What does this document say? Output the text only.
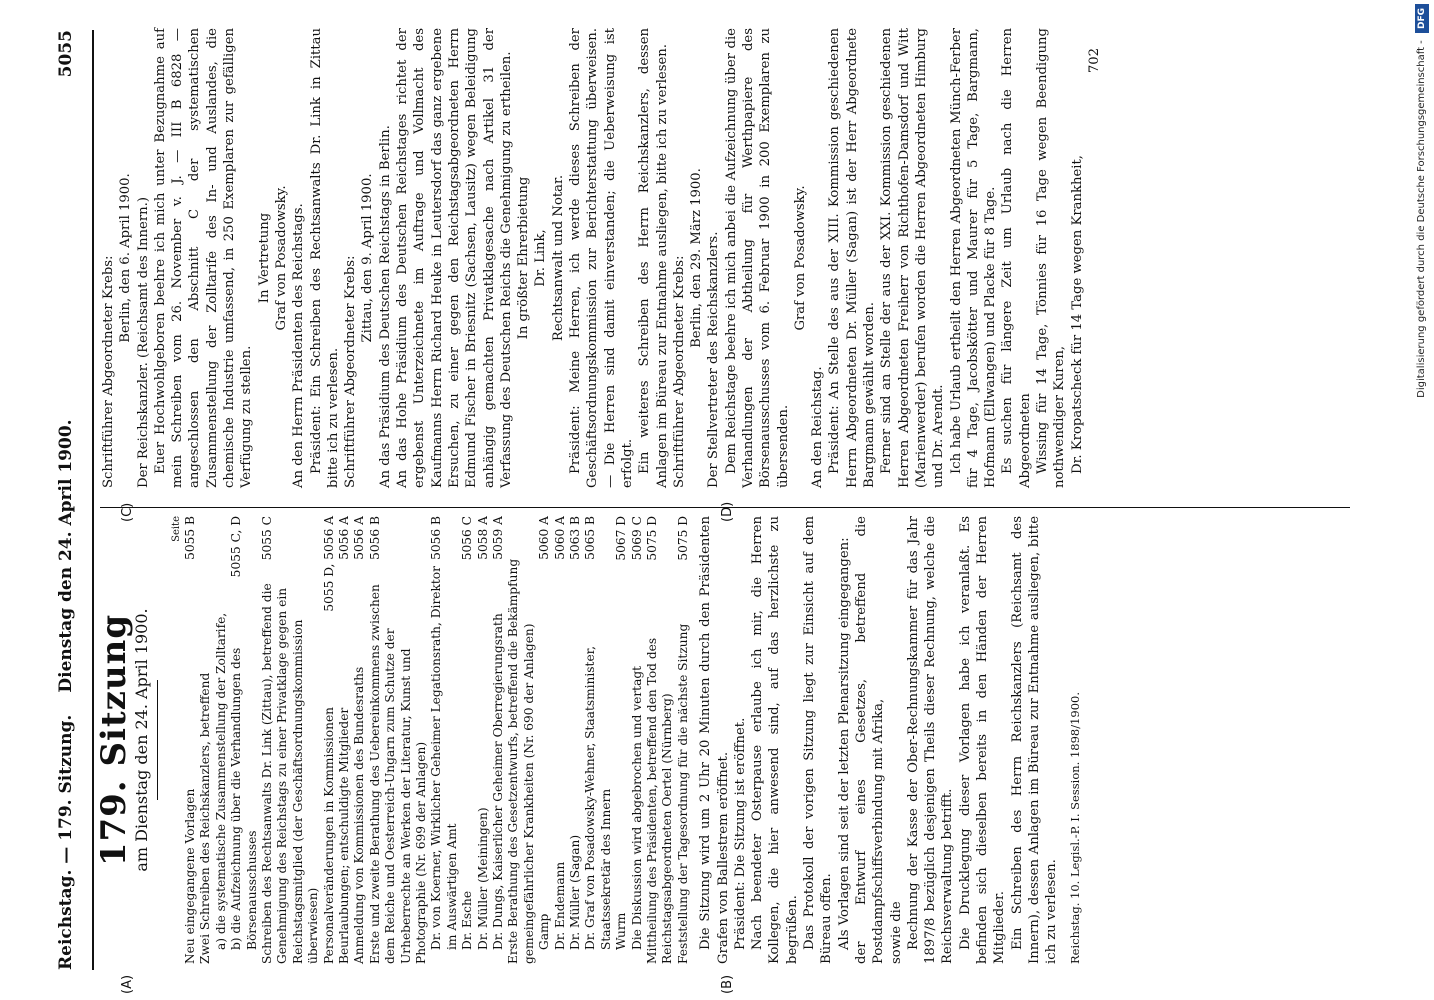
Reichstag. — 179. Sitzung.
Dienstag den 24. April 1900.
5055
(A)	(B)
(C)	(D)
179. Sitzung
am Dienstag den 24. April 1900.
Seite
Neu eingegangene Vorlagen
5055 B
Zwei Schreiben des Reichskanzlers, betreffend a) die systematische Zusammenstellung der Zolltarife, b) die Aufzeichnung über die Verhandlungen des Börsenausschusses
5055 C, D
Schreiben des Rechtsanwalts Dr. Link (Zittau), betreffend die Genehmigung des Reichstags zu einer Privatklage gegen ein Reichstagsmitglied (der Geschäftsordnungskommission überwiesen)
5055 C
Personalveränderungen in Kommissionen
5055 D, 5056 A
Beurlaubungen; entschuldigte Mitglieder
5056 A
Anmeldung von Kommissionen des Bundesraths
5056 A
Erste und zweite Berathung des Uebereinkommens zwischen dem Reiche und Oesterreich-Ungarn zum Schutze der Urheberrechte an Werken der Literatur, Kunst und Photographie (Nr. 699 der Anlagen)
5056 B
Dr. von Koerner, Wirklicher Geheimer Legationsrath, Direktor im Auswärtigen Amt
5056 B
Dr. Esche
5056 C
Dr. Müller (Meiningen)
5058 A
Dr. Dungs, Kaiserlicher Geheimer Oberregierungsrath
5059 A
Erste Berathung des Gesetzentwurfs, betreffend die Bekämpfung gemeingefährlicher Krankheiten (Nr. 690 der Anlagen) Gamp
5060 A
Dr. Endemann
5060 A
Dr. Müller (Sagan)
5063 B
Dr. Graf von Posadowsky-Wehner, Staatsminister, Staatssekretär des Innern
5065 B
Wurm
5067 D
Die Diskussion wird abgebrochen und vertagt
5069 C
Mittheilung des Präsidenten, betreffend den Tod des Reichstagsabgeordneten Oertel (Nürnberg)
5075 D
Feststellung der Tagesordnung für die nächste Sitzung
5075 D Die Sitzung wird um 2 Uhr 20 Minuten durch den Präsidenten Grafen von Ballestrem eröffnet. Präsident: Die Sitzung ist eröffnet. Nach beendeter Osterpause erlaube ich mir, die Herren Kollegen, die hier anwesend sind, auf das herzlichste zu begrüßen. Das Protokoll der vorigen Sitzung liegt zur Einsicht auf dem Büreau offen. Als Vorlagen sind seit der letzten Plenarsitzung eingegangen: der Entwurf eines Gesetzes, betreffend die Postdampfschiffsverbindung mit Afrika, sowie die Rechnung der Kasse der Ober-Rechnungskammer für das Jahr 1897/8 bezüglich desjenigen Theils dieser Rechnung, welche die Reichsverwaltung betrifft. Die Drucklegung dieser Vorlagen habe ich veranlaßt. Es befinden sich dieselben bereits in den Händen der Herren Mitglieder. Ein Schreiben des Herrn Reichskanzlers (Reichsamt des Innern), dessen Anlagen im Büreau zur Entnahme ausliegen, bitte ich zu verlesen. Reichstag. 10. Legisl.-P. I. Session. 1898/1900.

Schriftführer Abgeordneter Krebs: Berlin, den 6. April 1900. Der Reichskanzler. (Reichsamt des Innern.) Euer Hochwohlgeboren beehre ich mich unter Bezugnahme auf mein Schreiben vom 26. November v. J. — III B 6828 — angeschlossen den Abschnitt C der systematischen Zusammenstellung der Zolltarife des In- und Auslandes, die chemische Industrie umfassend, in 250 Exemplaren zur gefälligen Verfügung zu stellen.

In Vertretung Graf von Posadowsky. An den Herrn Präsidenten des Reichstags. Präsident: Ein Schreiben des Rechtsanwalts Dr. Link in Zittau bitte ich zu verlesen. Schriftführer Abgeordneter Krebs: Zittau, den 9. April 1900. An das Präsidium des Deutschen Reichstags in Berlin. An das Hohe Präsidium des Deutschen Reichstages richtet der ergebenst Unterzeichnete im Auftrage und Vollmacht des Kaufmanns Herrn Richard Heuke in Leutersdorf das ganz ergebene Ersuchen, zu einer gegen den Reichstagsabgeordneten Herrn Edmund Fischer in Briesnitz (Sachsen, Lausitz) wegen Beleidigung anhängig gemachten Privatklagesache nach Artikel 31 der Verfassung des Deutschen Reichs die Genehmigung zu ertheilen. In größter Ehrerbietung Dr. Link, Rechtsanwalt und Notar. Präsident: Meine Herren, ich werde dieses Schreiben der Geschäftsordnungskommission zur Berichterstattung überweisen. — Die Herren sind damit einverstanden; die Ueberweisung ist erfolgt. Ein weiteres Schreiben des Herrn Reichskanzlers, dessen Anlagen im Büreau zur Entnahme ausliegen, bitte ich zu verlesen. Schriftführer Abgeordneter Krebs: Berlin, den 29. März 1900. Der Stellvertreter des Reichskanzlers. Dem Reichstage beehre ich mich anbei die Aufzeichnung über die Verhandlungen der Abtheilung für Werthpapiere des Börsenausschusses vom 6. Februar 1900 in 200 Exemplaren zu übersenden.

Graf von Posadowsky.

An den Reichstag. Präsident: An Stelle des aus der XIII. Kommission geschiedenen Herrn Abgeordneten Dr. Müller (Sagan) ist der Herr Abgeordnete Bargmann gewählt worden. Ferner sind an Stelle der aus der XXI. Kommission geschiedenen Herren Abgeordneten Freiherr von Richthofen-Damsdorf und Witt (Marienwerder) berufen worden die Herren Abgeordneten Himburg und Dr. Arendt. Ich habe Urlaub ertheilt den Herren Abgeordneten Münch-Ferber für 4 Tage, Jacobskötter und Maurer für 5 Tage, Bargmann, Hofmann (Ellwangen) und Placke für 8 Tage. Es suchen für längere Zeit um Urlaub nach die Herren Abgeordneten Wissing für 14 Tage, Tönnies für 16 Tage wegen Beendigung nothwendiger Kuren, Dr. Kropatscheck für 14 Tage wegen Krankheit,

702	Digitalisierung gefördert durch die Deutsche Forschungsgemeinschaft - DFG
